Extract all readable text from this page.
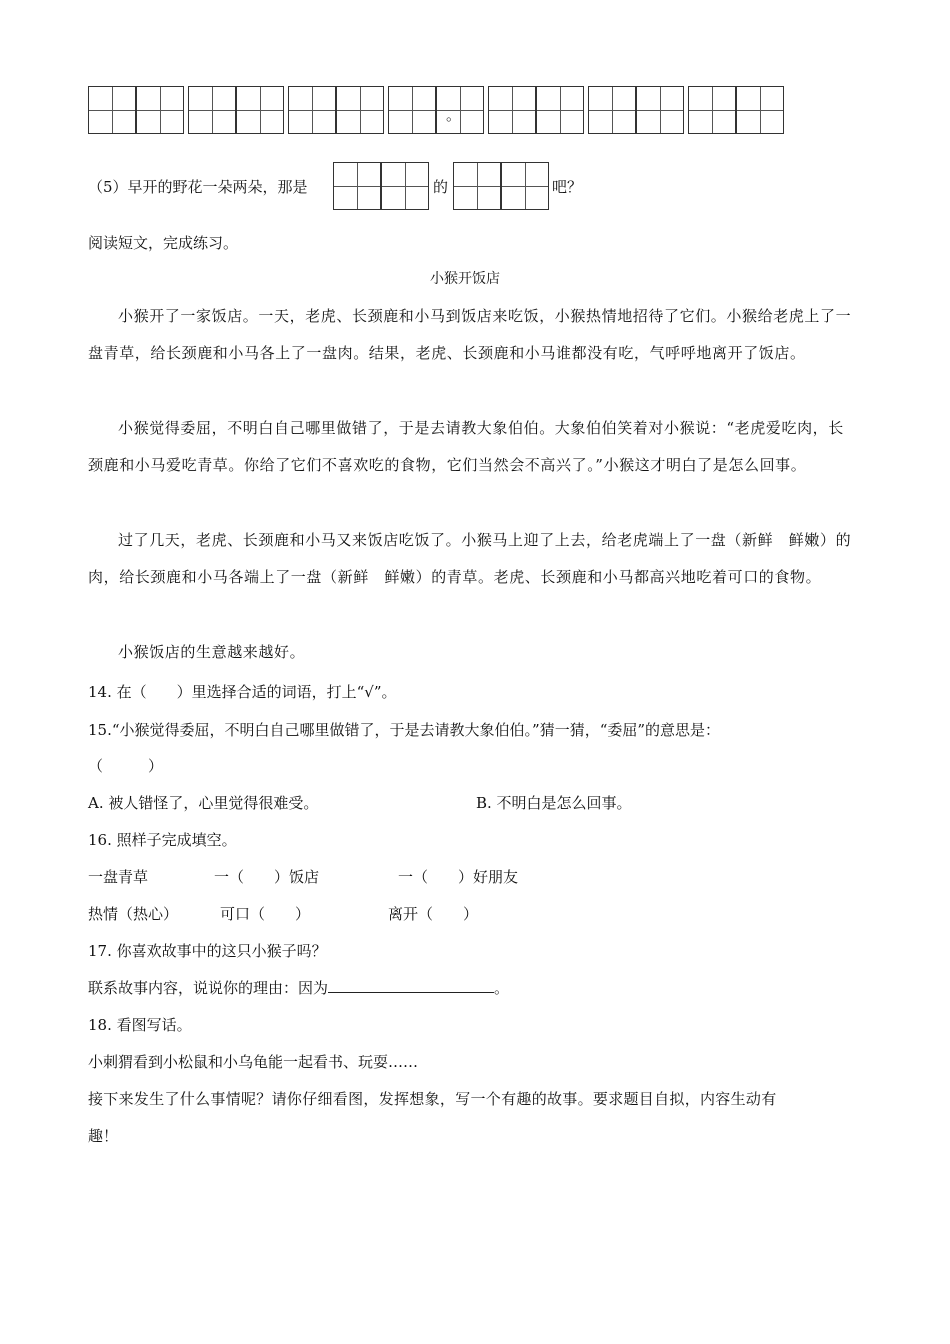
。
（5）早开的野花一朵两朵，那是	的	吧？
阅读短文，完成练习。
小猴开饭店
小猴开了一家饭店。一天，老虎、长颈鹿和小马到饭店来吃饭，小猴热情地招待了它们。小猴给老虎上了一盘青草，给长颈鹿和小马各上了一盘肉。结果，老虎、长颈鹿和小马谁都没有吃，气呼呼地离开了饭店。
小猴觉得委屈，不明白自己哪里做错了，于是去请教大象伯伯。大象伯伯笑着对小猴说：“老虎爱吃肉，长颈鹿和小马爱吃青草。你给了它们不喜欢吃的食物，它们当然会不高兴了。”小猴这才明白了是怎么回事。
过了几天，老虎、长颈鹿和小马又来饭店吃饭了。小猴马上迎了上去，给老虎端上了一盘（新鲜　鲜嫩）的肉，给长颈鹿和小马各端上了一盘（新鲜　鲜嫩）的青草。老虎、长颈鹿和小马都高兴地吃着可口的食物。
小猴饭店的生意越来越好。
14. 在（　　）里选择合适的词语，打上“√”。
15.“小猴觉得委屈，不明白自己哪里做错了，于是去请教大象伯伯。”猜一猜，“委屈”的意思是：
（　　　）
A. 被人错怪了，心里觉得很难受。	B. 不明白是怎么回事。
16. 照样子完成填空。
一盘青草	一（　　）饭店	一（　　）好朋友
热情（热心）	可口（　　）	离开（　　）
17. 你喜欢故事中的这只小猴子吗？
联系故事内容，说说你的理由：因为	。
18. 看图写话。
小刺猬看到小松鼠和小乌龟能一起看书、玩耍……
接下来发生了什么事情呢？请你仔细看图，发挥想象，写一个有趣的故事。要求题目自拟，内容生动有
趣！
